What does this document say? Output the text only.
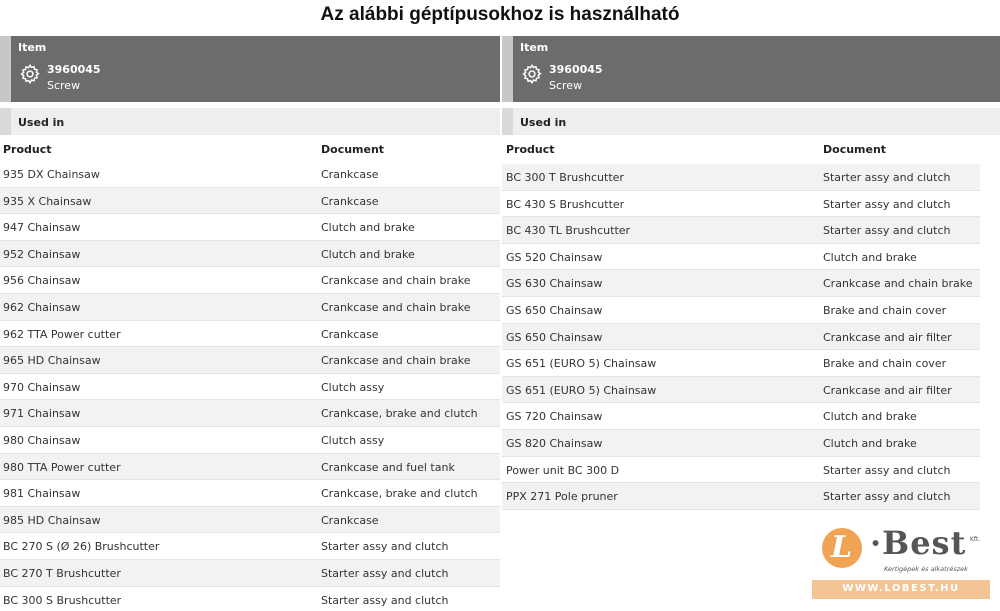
Az alábbi géptípusokhoz is használható
Item
3960045
Screw
Used in
Product	Document
935 DX Chainsaw	Crankcase
935 X Chainsaw	Crankcase
947 Chainsaw	Clutch and brake
952 Chainsaw	Clutch and brake
956 Chainsaw	Crankcase and chain brake
962 Chainsaw	Crankcase and chain brake
962 TTA Power cutter	Crankcase
965 HD Chainsaw	Crankcase and chain brake
970 Chainsaw	Clutch assy
971 Chainsaw	Crankcase, brake and clutch
980 Chainsaw	Clutch assy
980 TTA Power cutter	Crankcase and fuel tank
981 Chainsaw	Crankcase, brake and clutch
985 HD Chainsaw	Crankcase
BC 270 S (Ø 26) Brushcutter	Starter assy and clutch
BC 270 T Brushcutter	Starter assy and clutch
BC 300 S Brushcutter	Starter assy and clutch
Item
3960045
Screw
Used in
Product	Document
BC 300 T Brushcutter	Starter assy and clutch
BC 430 S Brushcutter	Starter assy and clutch
BC 430 TL Brushcutter	Starter assy and clutch
GS 520 Chainsaw	Clutch and brake
GS 630 Chainsaw	Crankcase and chain brake
GS 650 Chainsaw	Brake and chain cover
GS 650 Chainsaw	Crankcase and air filter
GS 651 (EURO 5) Chainsaw	Brake and chain cover
GS 651 (EURO 5) Chainsaw	Crankcase and air filter
GS 720 Chainsaw	Clutch and brake
GS 820 Chainsaw	Clutch and brake
Power unit BC 300 D	Starter assy and clutch
PPX 271 Pole pruner	Starter assy and clutch
L ·Best Kft.
Kertigépek és alkatrészek
WWW.LOBEST.HU
